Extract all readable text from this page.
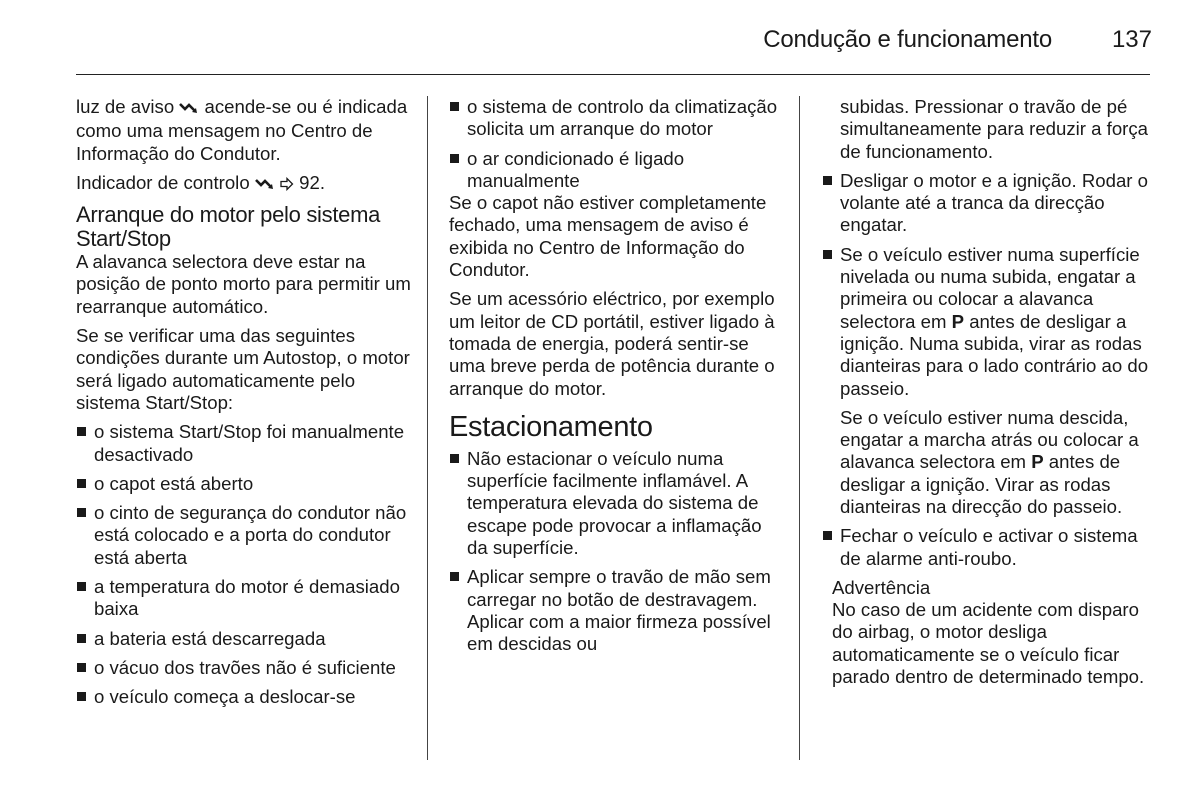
Condução e funcionamento 137

luz de aviso acende-se ou é indicada como uma mensagem no Centro de Informação do Condutor.

Indicador de controlo	92.

Arranque do motor pelo sistema Start/Stop

A alavanca selectora deve estar na posição de ponto morto para permitir um rearranque automático.

Se se verificar uma das seguintes condições durante um Autostop, o motor será ligado automaticamente pelo sistema Start/Stop:

o sistema Start/Stop foi manualmente desactivado
o capot está aberto
o cinto de segurança do condutor não está colocado e a porta do condutor está aberta
a temperatura do motor é demasiado baixa
a bateria está descarregada
o vácuo dos travões não é suficiente
o veículo começa a deslocar-se
o sistema de controlo da climatização solicita um arranque do motor
o ar condicionado é ligado manualmente

Se o capot não estiver completamente fechado, uma mensagem de aviso é exibida no Centro de Informação do Condutor.

Se um acessório eléctrico, por exemplo um leitor de CD portátil, estiver ligado à tomada de energia, poderá sentir-se uma breve perda de potência durante o arranque do motor.

Estacionamento
Não estacionar o veículo numa superfície facilmente inflamável. A temperatura elevada do sistema de escape pode provocar a inflamação da superfície.
Aplicar sempre o travão de mão sem carregar no botão de destravagem. Aplicar com a maior firmeza possível em descidas ou

subidas. Pressionar o travão de pé simultaneamente para reduzir a força de funcionamento.

Desligar o motor e a ignição. Rodar o volante até a tranca da direcção engatar.
Se o veículo estiver numa superfície nivelada ou numa subida, engatar a primeira ou colocar a alavanca selectora em P antes de desligar a ignição. Numa subida, virar as rodas dianteiras para o lado contrário ao do passeio.
Se o veículo estiver numa descida, engatar a marcha atrás ou colocar a alavanca selectora em P antes de desligar a ignição. Virar as rodas dianteiras na direcção do passeio.
Fechar o veículo e activar o sistema de alarme anti-roubo.
Advertência

No caso de um acidente com disparo do airbag, o motor desliga automaticamente se o veículo ficar parado dentro de determinado tempo.
